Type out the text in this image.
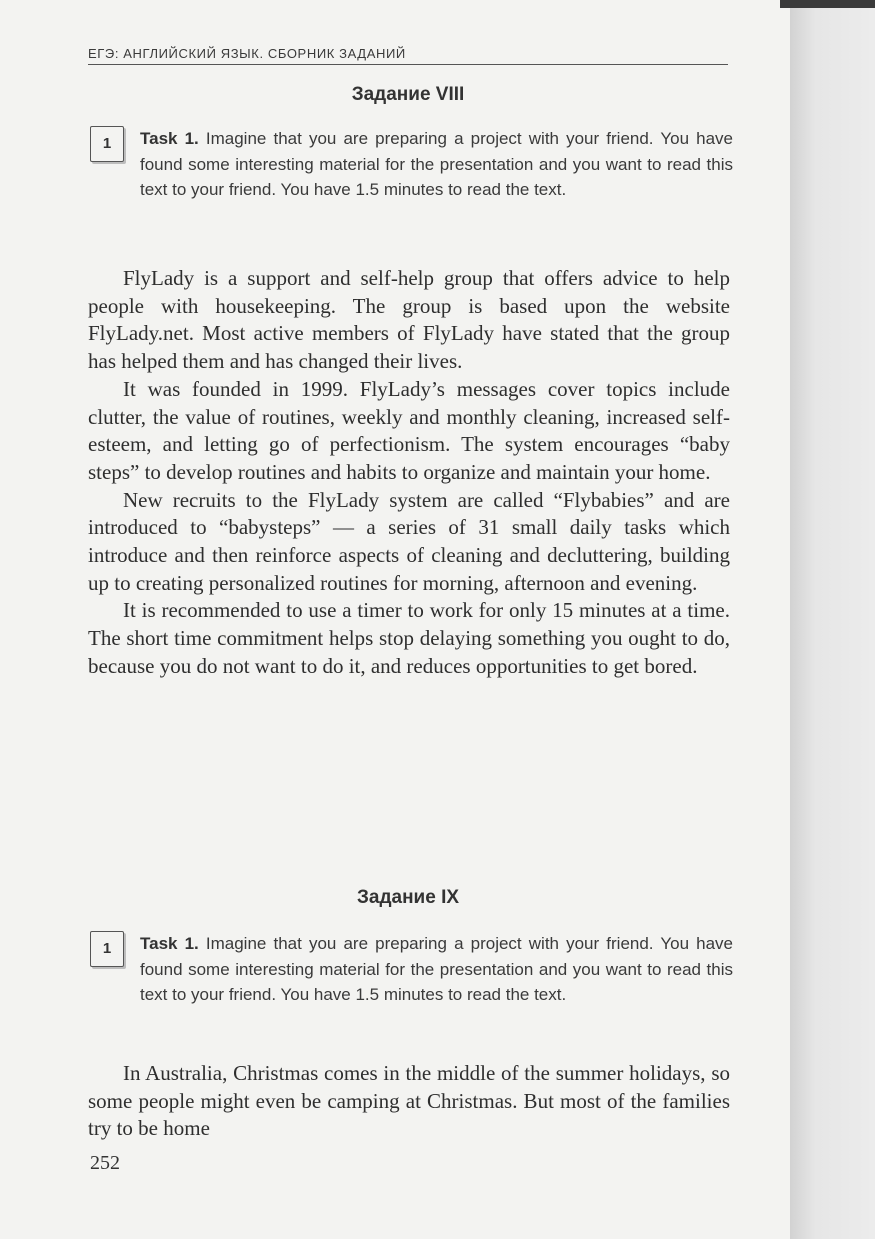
ЕГЭ: АНГЛИЙСКИЙ ЯЗЫК. СБОРНИК ЗАДАНИЙ
Задание VIII
1	Task 1. Imagine that you are preparing a project with your friend. You have found some interesting material for the presentation and you want to read this text to your friend. You have 1.5 minutes to read the text.

FlyLady is a support and self-help group that offers advice to help people with housekeeping. The group is based upon the website FlyLady.net. Most active members of FlyLady have stated that the group has helped them and has changed their lives.

It was founded in 1999. FlyLady’s messages cover topics include clutter, the value of routines, weekly and monthly cleaning, increased self-esteem, and letting go of perfectionism. The system encourages “baby steps” to develop routines and habits to organize and maintain your home.

New recruits to the FlyLady system are called “Flybabies” and are introduced to “babysteps” — a series of 31 small daily tasks which introduce and then reinforce aspects of cleaning and decluttering, building up to creating personalized routines for morning, afternoon and evening.

It is recommended to use a timer to work for only 15 minutes at a time. The short time commitment helps stop delaying something you ought to do, because you do not want to do it, and reduces opportunities to get bored.

Задание IX
1	Task 1. Imagine that you are preparing a project with your friend. You have found some interesting material for the presentation and you want to read this text to your friend. You have 1.5 minutes to read the text.

In Australia, Christmas comes in the middle of the summer holidays, so some people might even be camping at Christmas. But most of the families try to be home

252
